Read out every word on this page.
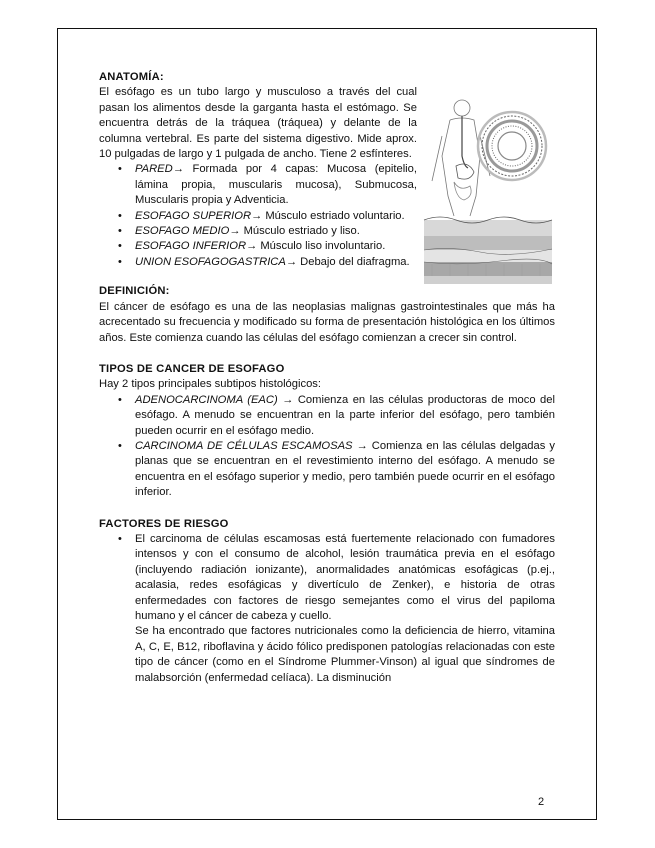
ANATOMÍA:

El esófago es un tubo largo y musculoso a través del cual pasan los alimentos desde la garganta hasta el estómago. Se encuentra detrás de la tráquea (tráquea) y delante de la columna vertebral. Es parte del sistema digestivo. Mide aprox. 10 pulgadas de largo y 1 pulgada de ancho. Tiene 2 esfínteres.

• PARED→ Formada por 4 capas: Mucosa (epitelio, lámina propia, muscularis mucosa), Submucosa, Muscularis propia y Adventicia.
• ESOFAGO SUPERIOR→ Músculo estriado voluntario.
• ESOFAGO MEDIO→ Músculo estriado y liso.
• ESOFAGO INFERIOR→ Músculo liso involuntario.
• UNION ESOFAGOGASTRICA→ Debajo del diafragma.

DEFINICIÓN:

El cáncer de esófago es una de las neoplasias malignas gastrointestinales que más ha acrecentado su frecuencia y modificado su forma de presentación histológica en los últimos años. Este comienza cuando las células del esófago comienzan a crecer sin control.

TIPOS DE CANCER DE ESOFAGO

Hay 2 tipos principales subtipos histológicos:

• ADENOCARCINOMA (EAC) → Comienza en las células productoras de moco del esófago. A menudo se encuentran en la parte inferior del esófago, pero también pueden ocurrir en el esófago medio.
• CARCINOMA DE CÉLULAS ESCAMOSAS → Comienza en las células delgadas y planas que se encuentran en el revestimiento interno del esófago. A menudo se encuentra en el esófago superior y medio, pero también puede ocurrir en el esófago inferior.

FACTORES DE RIESGO

• El carcinoma de células escamosas está fuertemente relacionado con fumadores intensos y con el consumo de alcohol, lesión traumática previa en el esófago (incluyendo radiación ionizante), anormalidades anatómicas esofágicas (p.ej., acalasia, redes esofágicas y divertículo de Zenker), e historia de otras enfermedades con factores de riesgo semejantes como el virus del papiloma humano y el cáncer de cabeza y cuello.
Se ha encontrado que factores nutricionales como la deficiencia de hierro, vitamina A, C, E, B12, riboflavina y ácido fólico predisponen patologías relacionadas con este tipo de cáncer (como en el Síndrome Plummer-Vinson) al igual que síndromes de malabsorción (enfermedad celíaca). La disminución
2
